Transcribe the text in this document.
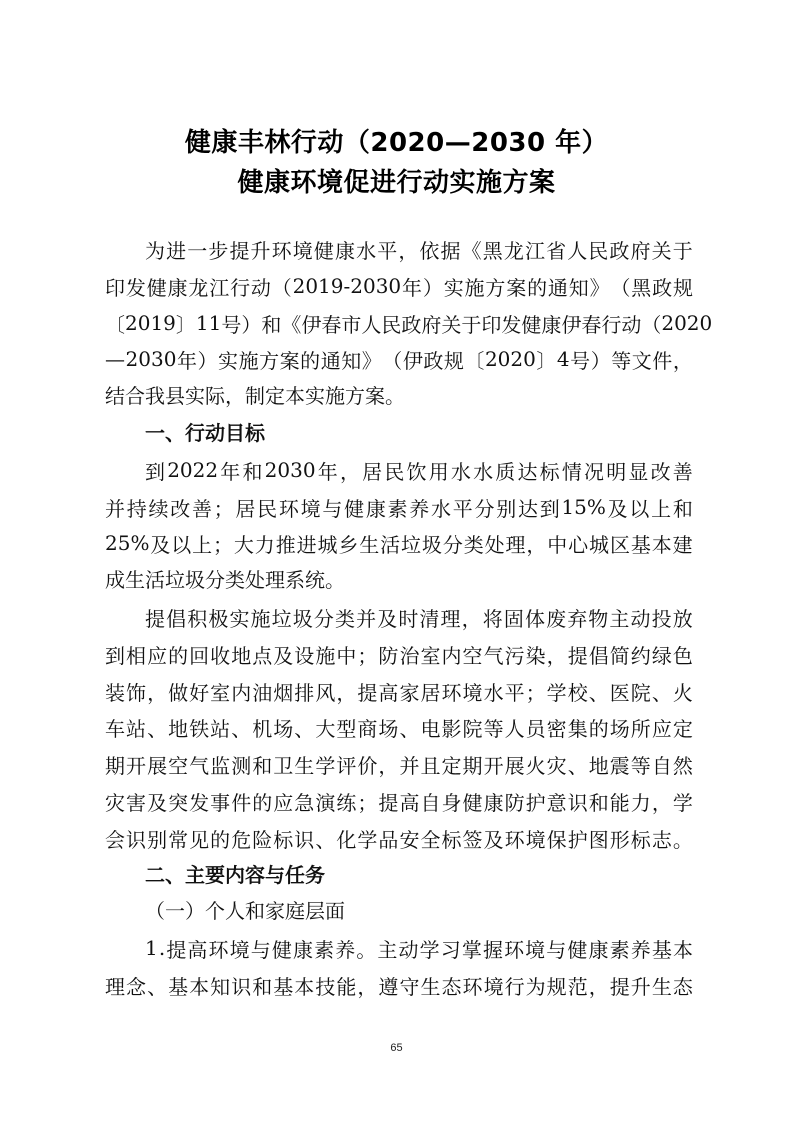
健康丰林行动（2020—2030 年）
健康环境促进行动实施方案
为 进 一 步 提 升 环 境 健 康 水 平 ， 依 据 《 黑 龙 江 省 人 民 政 府 关 于
印 发 健 康 龙 江 行 动 （ 2019-2030 年 ） 实 施 方 案 的 通 知 》 （ 黑 政 规
〔 2019 〕 11 号 ） 和 《 伊 春 市 人 民 政 府 关 于 印 发 健 康 伊 春 行 动 （ 2020
— 2030 年 ） 实 施 方 案 的 通 知 》 （ 伊 政 规 〔 2020 〕 4 号 ） 等 文 件 ，
结合我县实际，制定本实施方案。
一、行动目标
到 2022 年 和 2030 年 ， 居 民 饮 用 水 水 质 达 标 情 况 明 显 改 善
并 持 续 改 善 ； 居 民 环 境 与 健 康 素 养 水 平 分 别 达 到 15% 及 以 上 和
25% 及 以 上 ； 大 力 推 进 城 乡 生 活 垃 圾 分 类 处 理 ， 中 心 城 区 基 本 建
成生活垃圾分类处理系统。
提 倡 积 极 实 施 垃 圾 分 类 并 及 时 清 理 ， 将 固 体 废 弃 物 主 动 投 放
到 相 应 的 回 收 地 点 及 设 施 中 ； 防 治 室 内 空 气 污 染 ， 提 倡 简 约 绿 色
装 饰 ， 做 好 室 内 油 烟 排 风 ， 提 高 家 居 环 境 水 平 ； 学 校 、 医 院 、 火
车 站 、 地 铁 站 、 机 场 、 大 型 商 场 、 电 影 院 等 人 员 密 集 的 场 所 应 定
期 开 展 空 气 监 测 和 卫 生 学 评 价 ， 并 且 定 期 开 展 火 灾 、 地 震 等 自 然
灾 害 及 突 发 事 件 的 应 急 演 练 ； 提 高 自 身 健 康 防 护 意 识 和 能 力 ， 学
会 识 别 常 见 的 危 险 标 识 、 化 学 品 安 全 标 签 及 环 境 保 护 图 形 标 志 。
二、主要内容与任务
（一）个人和家庭层面
1 . 提 高 环 境 与 健 康 素 养 。 主 动 学 习 掌 握 环 境 与 健 康 素 养 基 本
理 念 、 基 本 知 识 和 基 本 技 能 ， 遵 守 生 态 环 境 行 为 规 范 ， 提 升 生 态
65
